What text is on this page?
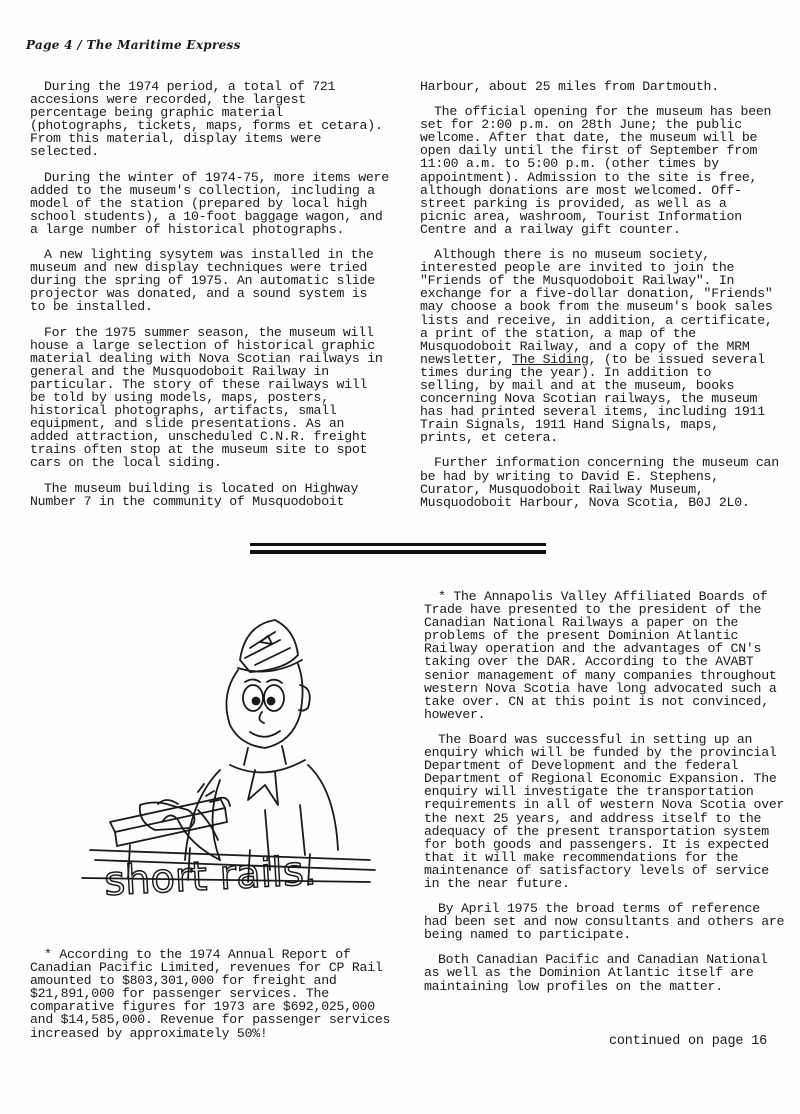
Page 4 / The Maritime Express

During the 1974 period, a total of 721 accesions were recorded, the largest percentage being graphic material (photographs, tickets, maps, forms et cetara). From this material, display items were selected.

During the winter of 1974-75, more items were added to the museum's collection, including a model of the station (prepared by local high school students), a 10-foot baggage wagon, and a large number of historical photographs.

A new lighting sysytem was installed in the museum and new display techniques were tried during the spring of 1975. An automatic slide projector was donated, and a sound system is to be installed.

For the 1975 summer season, the museum will house a large selection of historical graphic material dealing with Nova Scotian railways in general and the Musquodoboit Railway in particular. The story of these railways will be told by using models, maps, posters, historical photographs, artifacts, small equipment, and slide presentations. As an added attraction, unscheduled C.N.R. freight trains often stop at the museum site to spot cars on the local siding.

The museum building is located on Highway Number 7 in the community of Musquodoboit

Harbour, about 25 miles from Dartmouth.

The official opening for the museum has been set for 2:00 p.m. on 28th June; the public welcome. After that date, the museum will be open daily until the first of September from 11:00 a.m. to 5:00 p.m. (other times by appointment). Admission to the site is free, although donations are most welcomed. Off-street parking is provided, as well as a picnic area, washroom, Tourist Information Centre and a railway gift counter.

Although there is no museum society, interested people are invited to join the "Friends of the Musquodoboit Railway". In exchange for a five-dollar donation, "Friends" may choose a book from the museum's book sales lists and receive, in addition, a certificate, a print of the station, a map of the Musquodoboit Railway, and a copy of the MRM newsletter, The Siding, (to be issued several times during the year). In addition to selling, by mail and at the museum, books concerning Nova Scotian railways, the museum has had printed several items, including 1911 Train Signals, 1911 Hand Signals, maps, prints, et cetera.

Further information concerning the museum can be had by writing to David E. Stephens, Curator, Musquodoboit Railway Museum, Musquodoboit Harbour, Nova Scotia, B0J 2L0.

short rails.

* According to the 1974 Annual Report of Canadian Pacific Limited, revenues for CP Rail amounted to $803,301,000 for freight and $21,891,000 for passenger services. The comparative figures for 1973 are $692,025,000 and $14,585,000. Revenue for passenger services increased by approximately 50%!

* The Annapolis Valley Affiliated Boards of Trade have presented to the president of the Canadian National Railways a paper on the problems of the present Dominion Atlantic Railway operation and the advantages of CN's taking over the DAR. According to the AVABT senior management of many companies throughout western Nova Scotia have long advocated such a take over. CN at this point is not convinced, however.

The Board was successful in setting up an enquiry which will be funded by the provincial Department of Development and the federal Department of Regional Economic Expansion. The enquiry will investigate the transportation requirements in all of western Nova Scotia over the next 25 years, and address itself to the adequacy of the present transportation system for both goods and passengers. It is expected that it will make recommendations for the maintenance of satisfactory levels of service in the near future.

By April 1975 the broad terms of reference had been set and now consultants and others are being named to participate.

Both Canadian Pacific and Canadian National as well as the Dominion Atlantic itself are maintaining low profiles on the matter.

continued on page 16
